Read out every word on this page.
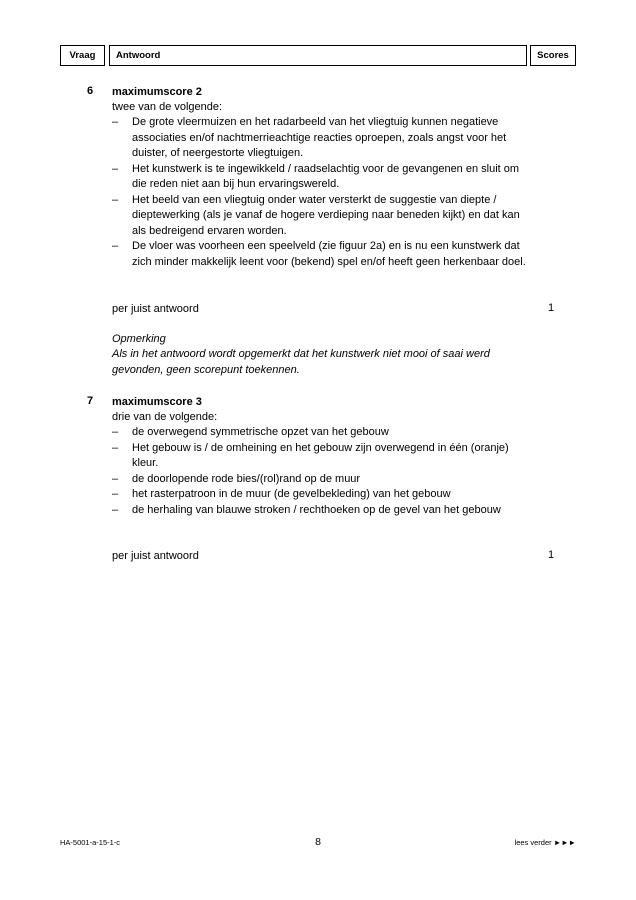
Vraag	Antwoord	Scores
6 maximumscore 2
twee van de volgende:
– De grote vleermuizen en het radarbeeld van het vliegtuig kunnen negatieve associaties en/of nachtmerrieachtige reacties oproepen, zoals angst voor het duister, of neergestorte vliegtuigen.
– Het kunstwerk is te ingewikkeld / raadselachtig voor de gevangenen en sluit om die reden niet aan bij hun ervaringswereld.
– Het beeld van een vliegtuig onder water versterkt de suggestie van diepte / dieptewerking (als je vanaf de hogere verdieping naar beneden kijkt) en dat kan als bedreigend ervaren worden.
– De vloer was voorheen een speelveld (zie figuur 2a) en is nu een kunstwerk dat zich minder makkelijk leent voor (bekend) spel en/of heeft geen herkenbaar doel.
per juist antwoord	1
Opmerking
Als in het antwoord wordt opgemerkt dat het kunstwerk niet mooi of saai werd gevonden, geen scorepunt toekennen.
7 maximumscore 3
drie van de volgende:
– de overwegend symmetrische opzet van het gebouw
– Het gebouw is / de omheining en het gebouw zijn overwegend in één (oranje) kleur.
– de doorlopende rode bies/(rol)rand op de muur
– het rasterpatroon in de muur (de gevelbekleding) van het gebouw
– de herhaling van blauwe stroken / rechthoeken op de gevel van het gebouw
per juist antwoord	1
HA-5001-a-15-1-c	8	lees verder ►►►
